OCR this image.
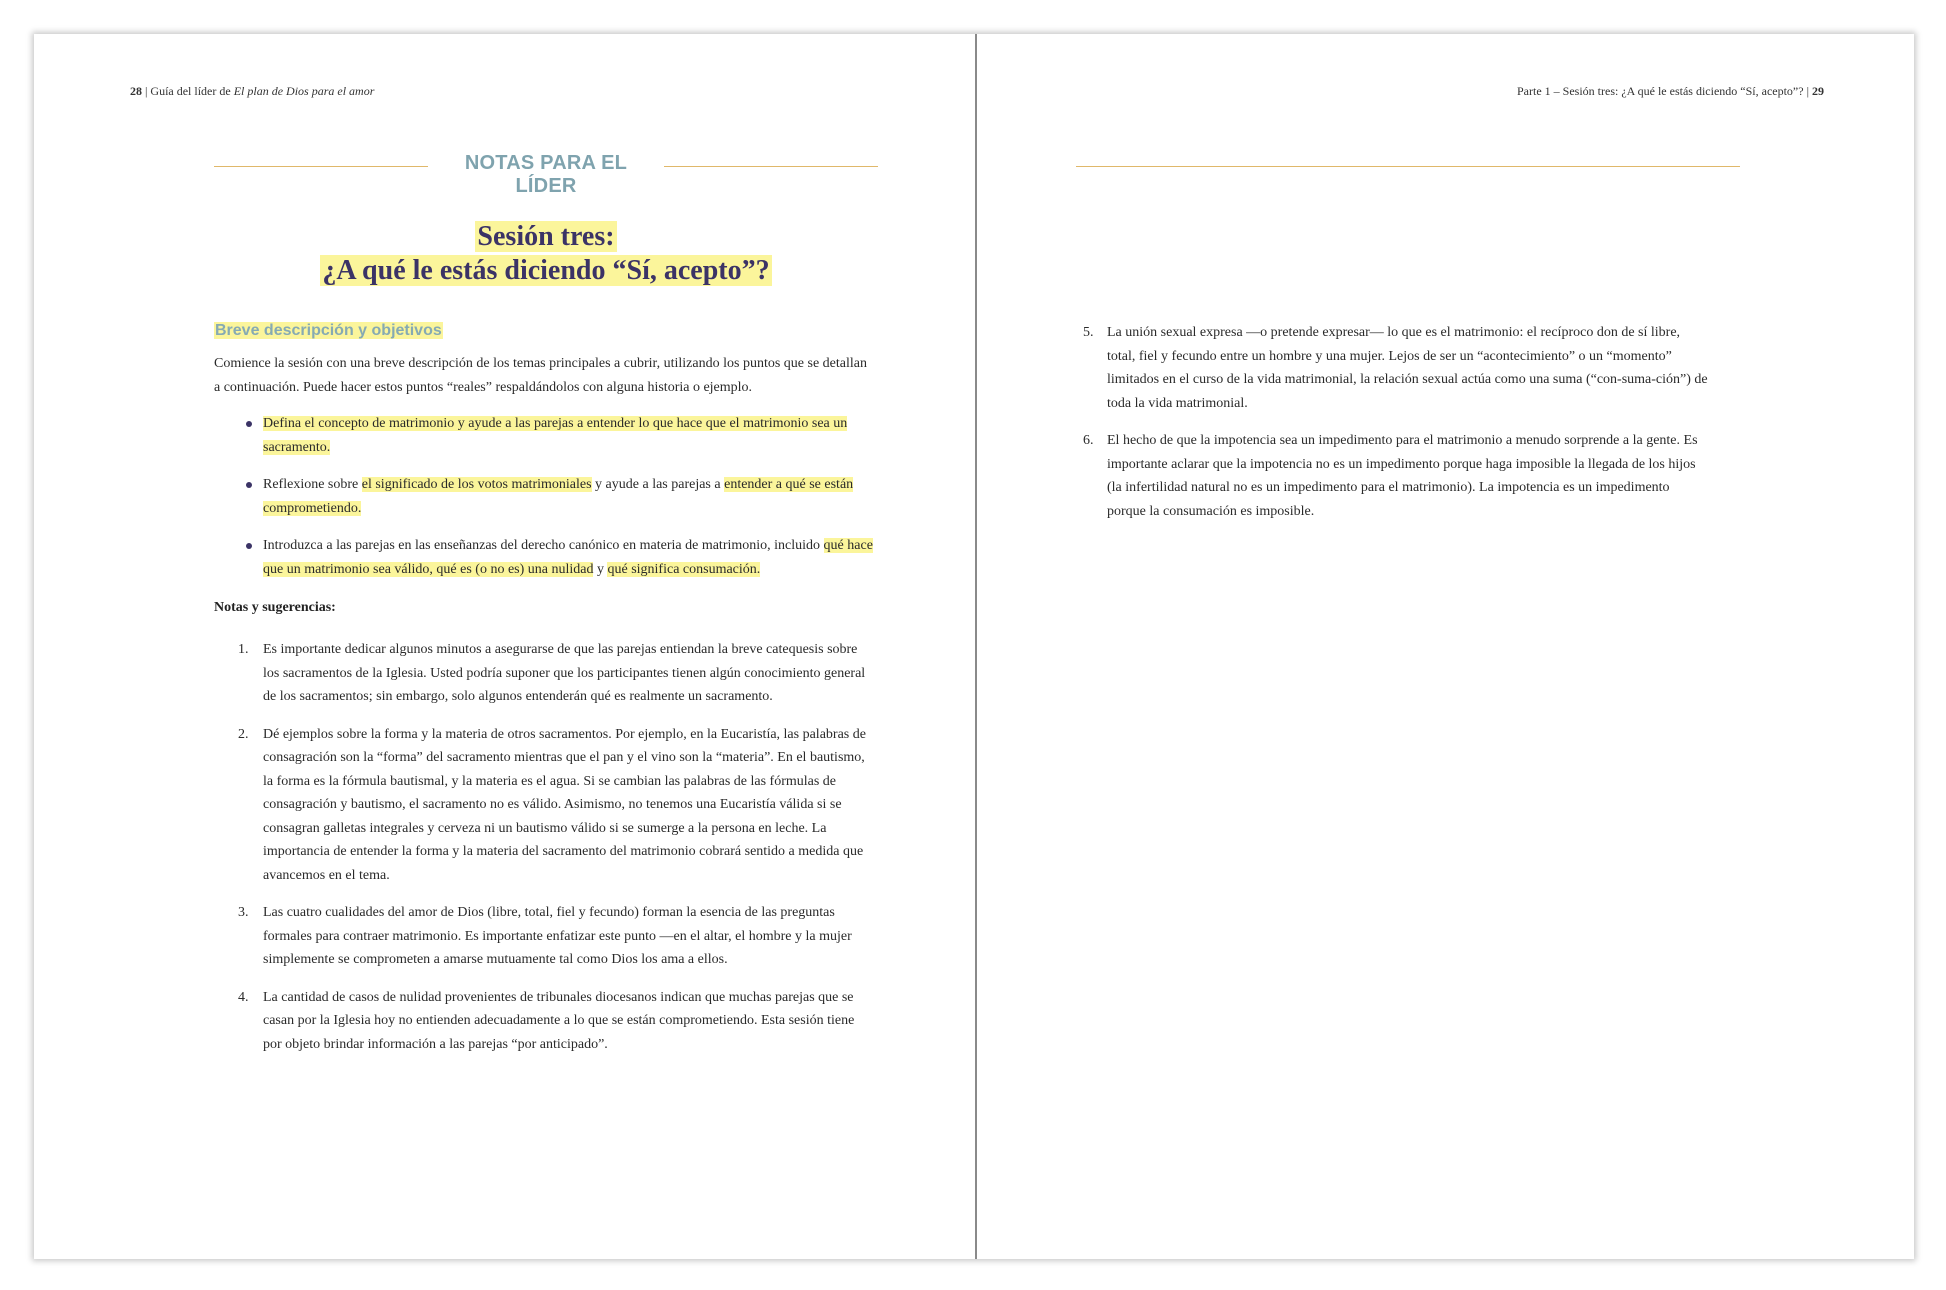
28 | Guía del líder de El plan de Dios para el amor
NOTAS PARA EL LÍDER
Sesión tres:
¿A qué le estás diciendo “Sí, acepto”?
Breve descripción y objetivos
Comience la sesión con una breve descripción de los temas principales a cubrir, utilizando los puntos que se detallan a continuación. Puede hacer estos puntos “reales” respaldándolos con alguna historia o ejemplo.
Defina el concepto de matrimonio y ayude a las parejas a entender lo que hace que el matrimonio sea un sacramento.
Reflexione sobre el significado de los votos matrimoniales y ayude a las parejas a entender a qué se están comprometiendo.
Introduzca a las parejas en las enseñanzas del derecho canónico en materia de matrimonio, incluido qué hace que un matrimonio sea válido, qué es (o no es) una nulidad y qué significa consumación.
Notas y sugerencias:
1. Es importante dedicar algunos minutos a asegurarse de que las parejas entiendan la breve catequesis sobre los sacramentos de la Iglesia. Usted podría suponer que los participantes tienen algún conocimiento general de los sacramentos; sin embargo, solo algunos entenderán qué es realmente un sacramento.
2. Dé ejemplos sobre la forma y la materia de otros sacramentos. Por ejemplo, en la Eucaristía, las palabras de consagración son la “forma” del sacramento mientras que el pan y el vino son la “materia”. En el bautismo, la forma es la fórmula bautismal, y la materia es el agua. Si se cambian las palabras de las fórmulas de consagración y bautismo, el sacramento no es válido. Asimismo, no tenemos una Eucaristía válida si se consagran galletas integrales y cerveza ni un bautismo válido si se sumerge a la persona en leche. La importancia de entender la forma y la materia del sacramento del matrimonio cobrará sentido a medida que avancemos en el tema.
3. Las cuatro cualidades del amor de Dios (libre, total, fiel y fecundo) forman la esencia de las preguntas formales para contraer matrimonio. Es importante enfatizar este punto —en el altar, el hombre y la mujer simplemente se comprometen a amarse mutuamente tal como Dios los ama a ellos.
4. La cantidad de casos de nulidad provenientes de tribunales diocesanos indican que muchas parejas que se casan por la Iglesia hoy no entienden adecuadamente a lo que se están comprometiendo. Esta sesión tiene por objeto brindar información a las parejas “por anticipado”.
Parte 1 – Sesión tres: ¿A qué le estás diciendo “Sí, acepto”? | 29
5. La unión sexual expresa —o pretende expresar— lo que es el matrimonio: el recíproco don de sí libre, total, fiel y fecundo entre un hombre y una mujer. Lejos de ser un “acontecimiento” o un “momento” limitados en el curso de la vida matrimonial, la relación sexual actúa como una suma (“con-suma-ción”) de toda la vida matrimonial.
6. El hecho de que la impotencia sea un impedimento para el matrimonio a menudo sorprende a la gente. Es importante aclarar que la impotencia no es un impedimento porque haga imposible la llegada de los hijos (la infertilidad natural no es un impedimento para el matrimonio). La impotencia es un impedimento porque la consumación es imposible.
